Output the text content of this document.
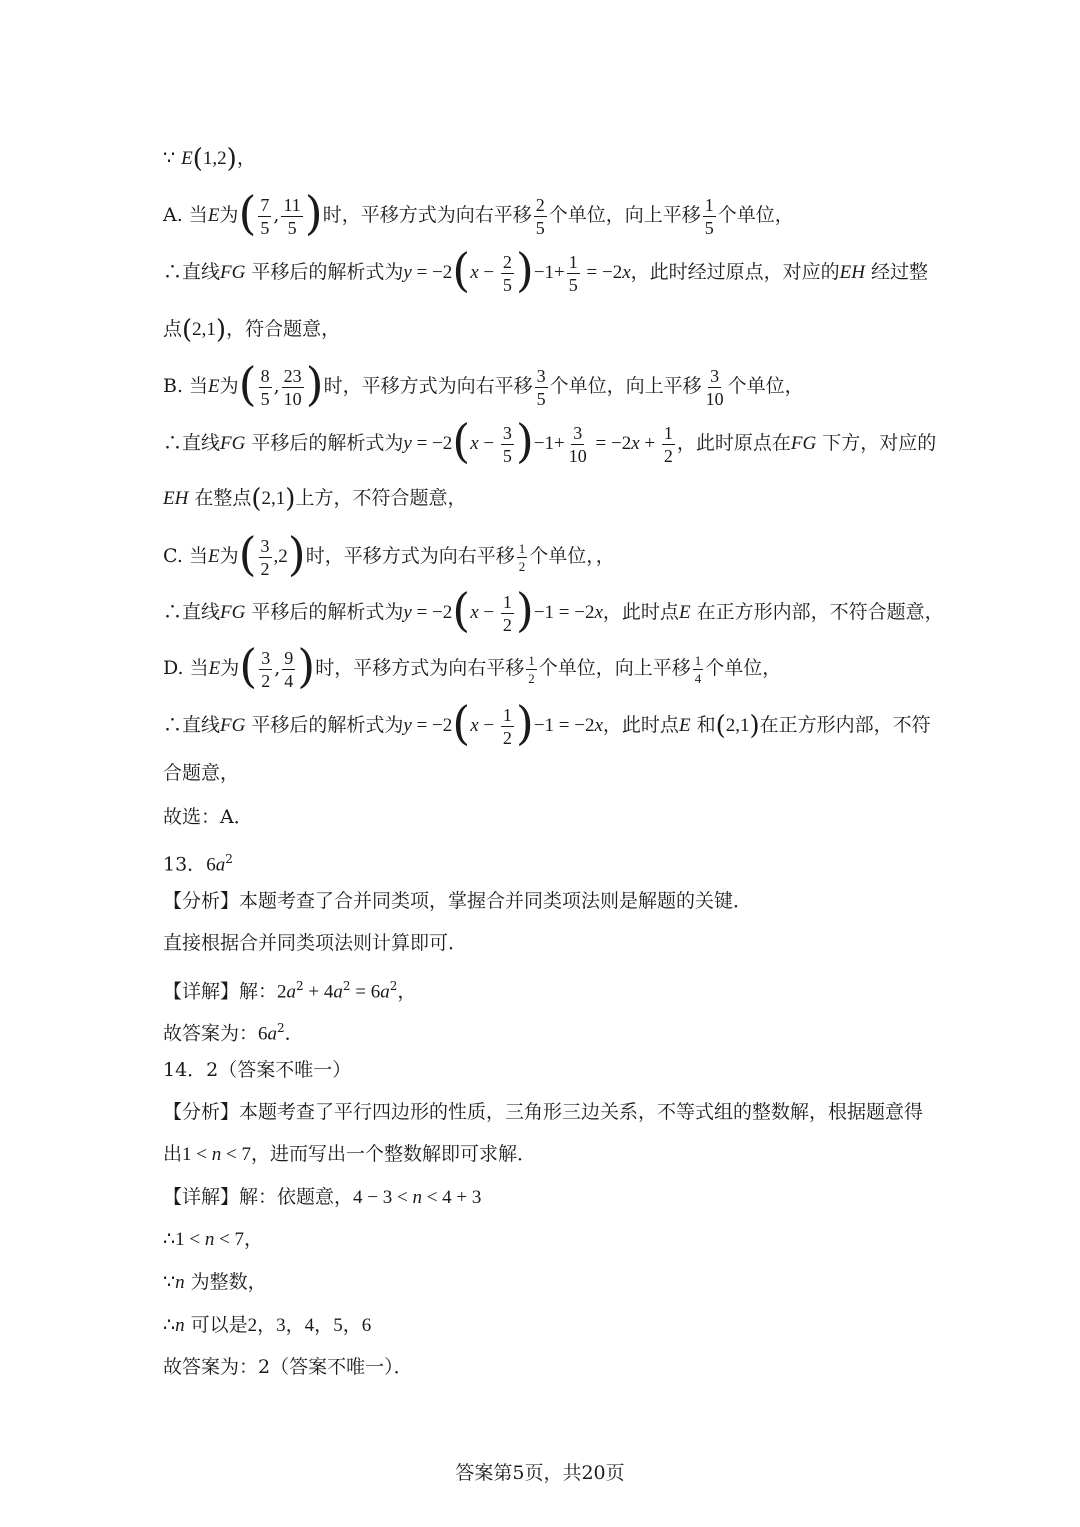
∵ E(1,2)，
A. 当E为( $\frac{7}{5}$ , $\frac{11}{5}$ )时，平移方式为向右平移 $\frac{2}{5}$ 个单位，向上平移 $\frac{1}{5}$ 个单位，
∴直线FG 平移后的解析式为$y = -2(x - \frac{2}{5} )-1+ \frac{1}{5} = -2x$，此时经过原点，对应的EH 经过整
点(2,1)，符合题意，
B. 当E为( $\frac{8}{5}$ , $\frac{23}{10}$ )时，平移方式为向右平移 $\frac{3}{5}$ 个单位，向上平移 $\frac{3}{10}$ 个单位，
∴直线FG 平移后的解析式为$y = -2(x - \frac{3}{5} )-1+ \frac{3}{10} = -2x + \frac{1}{2}$ ，此时原点在FG 下方，对应的
EH 在整点(2,1)上方，不符合题意，
C. 当E为( $\frac{3}{2} ,2$)时，平移方式为向右平移 $\frac{1}{2}$ 个单位，，
∴直线FG 平移后的解析式为$y = -2(x - \frac{1}{2} )-1 = -2x$，此时点E 在正方形内部，不符合题意，
D. 当E为( $\frac{3}{2}$ , $\frac{9}{4}$ )时，平移方式为向右平移 $\frac{1}{2}$ 个单位，向上平移 $\frac{1}{4}$ 个单位，
∴直线FG 平移后的解析式为$y = -2(x - \frac{1}{2} )-1 = -2x$，此时点E 和(2,1)在正方形内部，不符
合题意，
故选：A．
13．$6a^2$
【分析】本题考查了合并同类项，掌握合并同类项法则是解题的关键．
直接根据合并同类项法则计算即可．
【详解】解：$2a^2 + 4a^2 = 6a^2$，
故答案为：$6a^2$．
14．2（答案不唯一）
【分析】本题考查了平行四边形的性质，三角形三边关系，不等式组的整数解，根据题意得
出1 < n < 7，进而写出一个整数解即可求解．
【详解】解：依题意，4 − 3 < n < 4 + 3
∴1 < n < 7，
∵n 为整数，
∴n 可以是2，3，4，5，6
故答案为：2（答案不唯一）．
答案第5页，共20页
